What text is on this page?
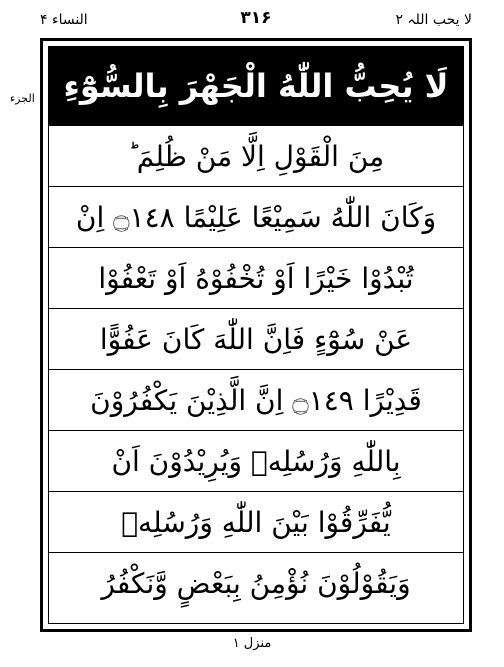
النساء ۴	۳۱۶	لا یحب اللہ ۲
الجزء لَا يُحِبُّ اللّٰهُ الْجَهْرَ بِالسُّوْٓءِ
مِنَ الْقَوْلِ اِلَّا مَنْ ظُلِمَ ؕ
وَكَانَ اللّٰهُ سَمِيْعًا عَلِيْمًا ۝١٤٨ اِنْ
تُبْدُوْا خَيْرًا اَوْ تُخْفُوْهُ اَوْ تَعْفُوْا
عَنْ سُوْٓءٍ فَاِنَّ اللّٰهَ كَانَ عَفُوًّا
قَدِيْرًا ۝١٤٩ اِنَّ الَّذِيْنَ يَكْفُرُوْنَ
بِاللّٰهِ وَرُسُلِهٖ وَيُرِيْدُوْنَ اَنْ
يُّفَرِّقُوْا بَيْنَ اللّٰهِ وَرُسُلِهٖ
وَيَقُوْلُوْنَ نُؤْمِنُ بِبَعْضٍ وَّنَكْفُرُ
منزل ۱
